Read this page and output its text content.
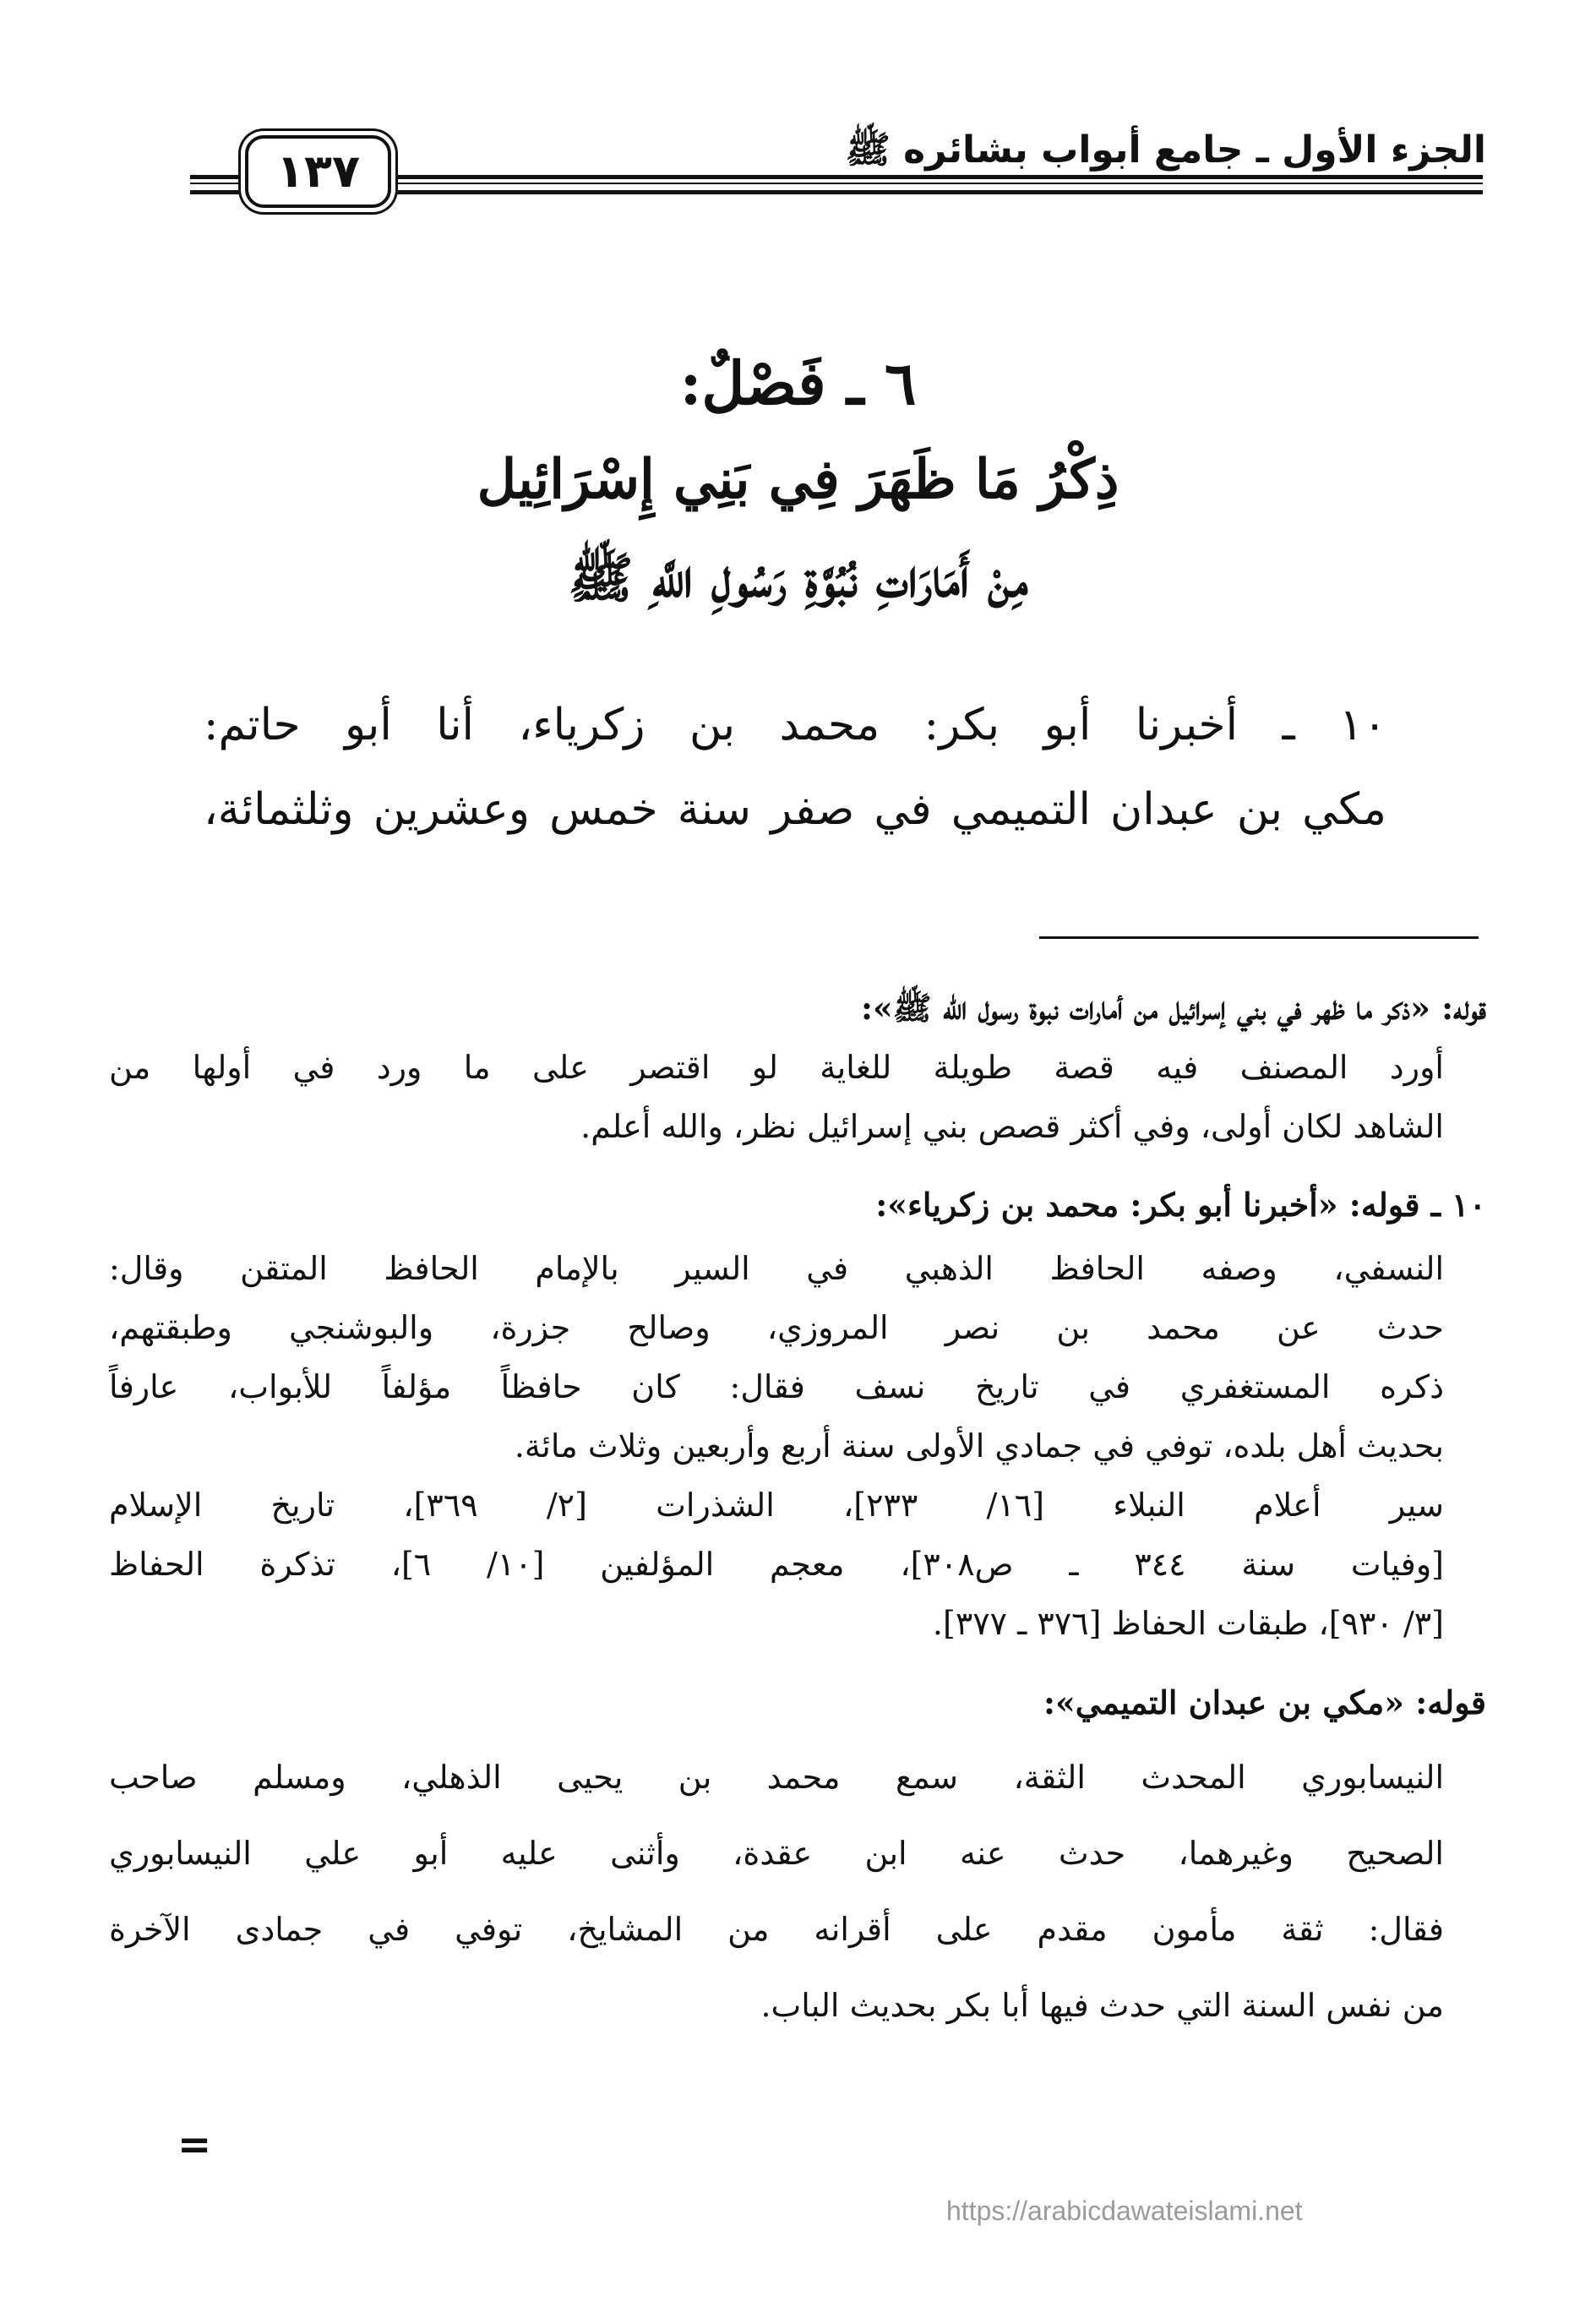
الجزء الأول ـ جامع أبواب بشائره ﷺ
١٣٧
٦ ـ فَصْلٌ:
ذِكْرُ مَا ظَهَرَ فِي بَنِي إِسْرَائِيل
مِنْ أَمَارَاتِ نُبُوَّةِ رَسُولِ اللَّهِ ﷺ
١٠ ـ أخبرنا أبو بكر: محمد بن زكرياء، أنا أبو حاتم:
مكي بن عبدان التميمي في صفر سنة خمس وعشرين وثلثمائة،
قوله: «ذكر ما ظهر في بني إسرائيل من أمارات نبوة رسول الله ﷺ»:
أورد المصنف فيه قصة طويلة للغاية لو اقتصر على ما ورد في أولها من
الشاهد لكان أولى، وفي أكثر قصص بني إسرائيل نظر، والله أعلم.
١٠ ـ قوله: «أخبرنا أبو بكر: محمد بن زكرياء»:
النسفي، وصفه الحافظ الذهبي في السير بالإمام الحافظ المتقن وقال:
حدث عن محمد بن نصر المروزي، وصالح جزرة، والبوشنجي وطبقتهم،
ذكره المستغفري في تاريخ نسف فقال: كان حافظاً مؤلفاً للأبواب، عارفاً
بحديث أهل بلده، توفي في جمادي الأولى سنة أربع وأربعين وثلاث مائة.
سير أعلام النبلاء [١٦/ ٢٣٣]، الشذرات [٢/ ٣٦٩]، تاريخ الإسلام
[وفيات سنة ٣٤٤ ـ ص٣٠٨]، معجم المؤلفين [١٠/ ٦]، تذكرة الحفاظ
[٣/ ٩٣٠]، طبقات الحفاظ [٣٧٦ ـ ٣٧٧].
قوله: «مكي بن عبدان التميمي»:
النيسابوري المحدث الثقة، سمع محمد بن يحيى الذهلي، ومسلم صاحب
الصحيح وغيرهما، حدث عنه ابن عقدة، وأثنى عليه أبو علي النيسابوري
فقال: ثقة مأمون مقدم على أقرانه من المشايخ، توفي في جمادى الآخرة
من نفس السنة التي حدث فيها أبا بكر بحديث الباب.
=
https://arabicdawateislami.net
